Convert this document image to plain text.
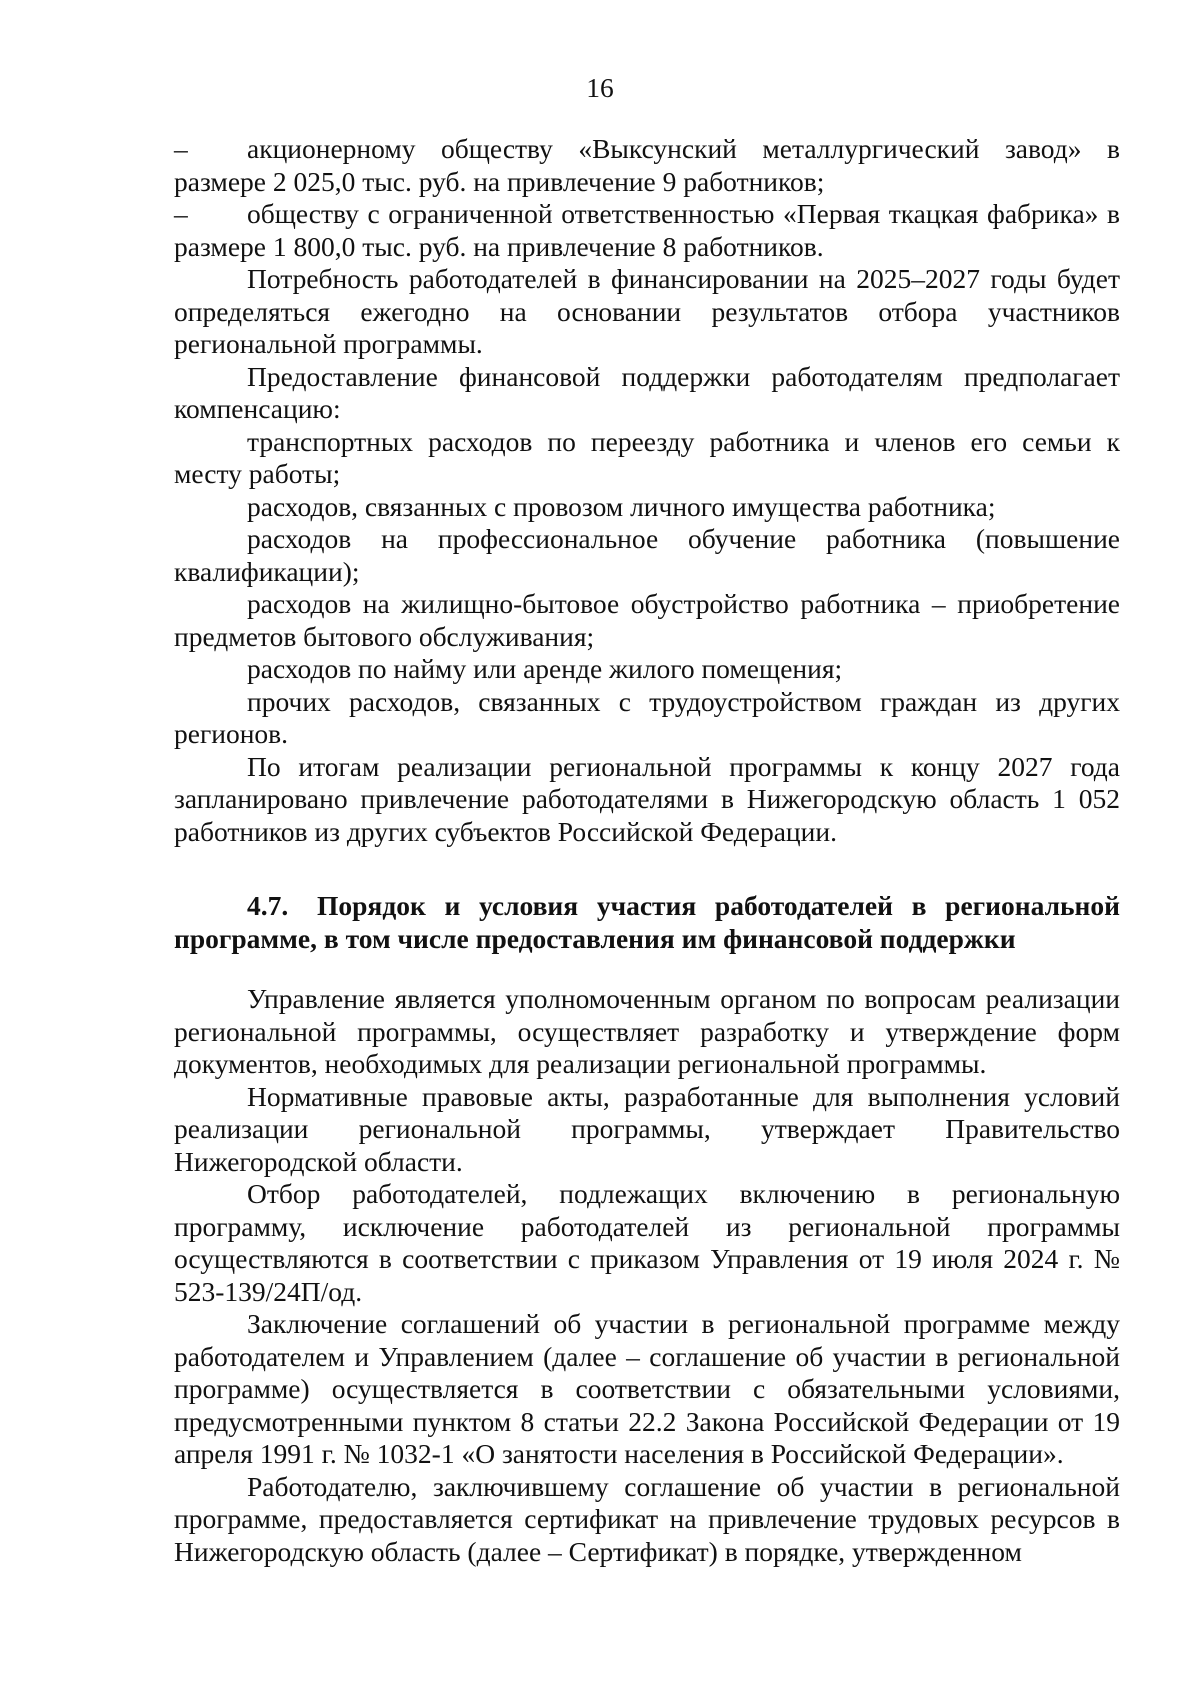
16

– акционерному обществу «Выксунский металлургический завод» в размере 2 025,0 тыс. руб. на привлечение 9 работников;

– обществу с ограниченной ответственностью «Первая ткацкая фабрика» в размере 1 800,0 тыс. руб. на привлечение 8 работников.

Потребность работодателей в финансировании на 2025–2027 годы будет определяться ежегодно на основании результатов отбора участников региональной программы.

Предоставление финансовой поддержки работодателям предполагает компенсацию:

транспортных расходов по переезду работника и членов его семьи к месту работы;

расходов, связанных с провозом личного имущества работника;

расходов на профессиональное обучение работника (повышение квалификации);

расходов на жилищно-бытовое обустройство работника – приобретение предметов бытового обслуживания;

расходов по найму или аренде жилого помещения;

прочих расходов, связанных с трудоустройством граждан из других регионов.

По итогам реализации региональной программы к концу 2027 года запланировано привлечение работодателями в Нижегородскую область 1 052 работников из других субъектов Российской Федерации.

4.7. Порядок и условия участия работодателей в региональной программе, в том числе предоставления им финансовой поддержки

Управление является уполномоченным органом по вопросам реализации региональной программы, осуществляет разработку и утверждение форм документов, необходимых для реализации региональной программы.

Нормативные правовые акты, разработанные для выполнения условий реализации региональной программы, утверждает Правительство Нижегородской области.

Отбор работодателей, подлежащих включению в региональную программу, исключение работодателей из региональной программы осуществляются в соответствии с приказом Управления от 19 июля 2024 г. № 523-139/24П/од.

Заключение соглашений об участии в региональной программе между работодателем и Управлением (далее – соглашение об участии в региональной программе) осуществляется в соответствии с обязательными условиями, предусмотренными пунктом 8 статьи 22.2 Закона Российской Федерации от 19 апреля 1991 г. № 1032-1 «О занятости населения в Российской Федерации».

Работодателю, заключившему соглашение об участии в региональной программе, предоставляется сертификат на привлечение трудовых ресурсов в Нижегородскую область (далее – Сертификат) в порядке, утвержденном
